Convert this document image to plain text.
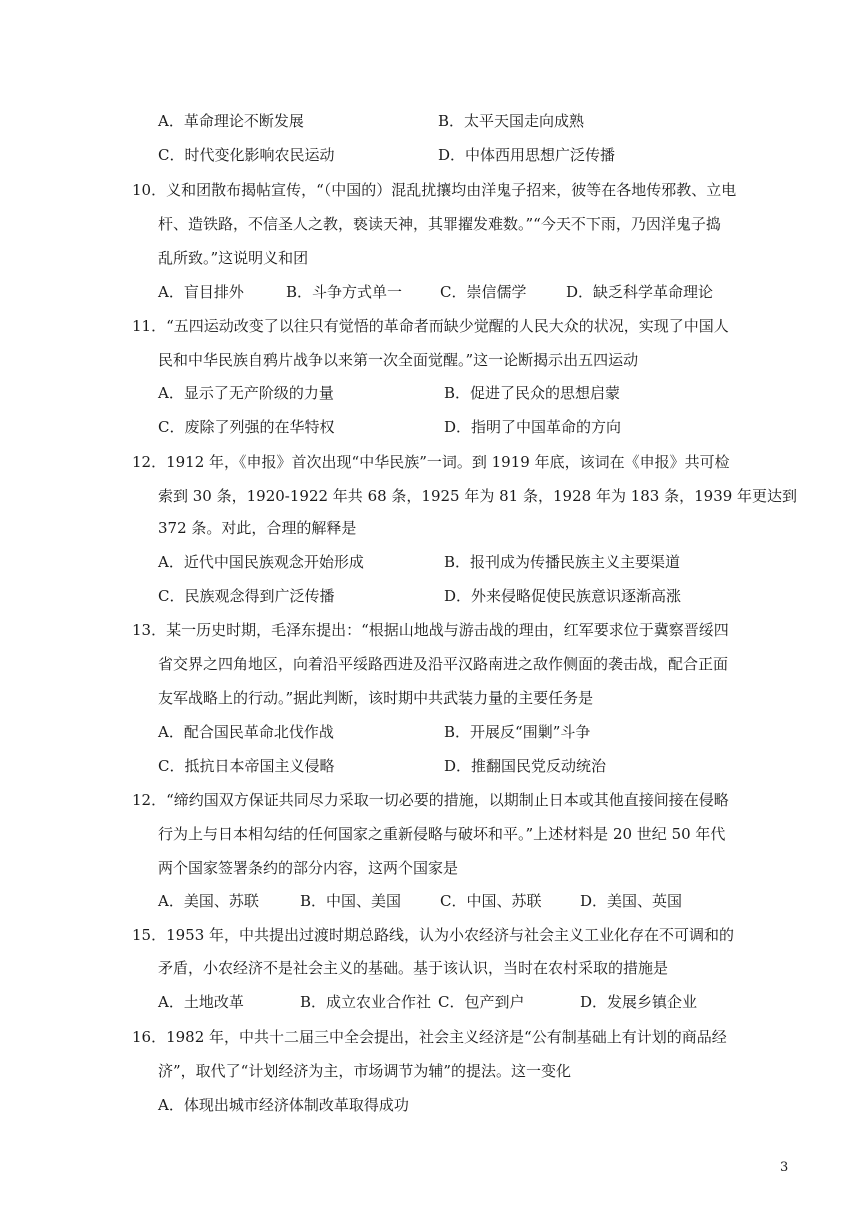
A．革命理论不断发展	B．太平天国走向成熟
C．时代变化影响农民运动	D．中体西用思想广泛传播
10．义和团散布揭帖宣传，“（中国的）混乱扰攘均由洋鬼子招来，彼等在各地传邪教、立电
杆、造铁路，不信圣人之教，亵读天神，其罪擢发难数。”“今天不下雨，乃因洋鬼子捣
乱所致。”这说明义和团
A．盲目排外	B．斗争方式单一	C．崇信儒学	D．缺乏科学革命理论
11．“五四运动改变了以往只有觉悟的革命者而缺少觉醒的人民大众的状况，实现了中国人
民和中华民族自鸦片战争以来第一次全面觉醒。”这一论断揭示出五四运动
A．显示了无产阶级的力量	B．促进了民众的思想启蒙
C．废除了列强的在华特权	D．指明了中国革命的方向
12．1912 年，《申报》首次出现“中华民族”一词。到 1919 年底，该词在《申报》共可检
索到 30 条，1920-1922 年共 68 条，1925 年为 81 条，1928 年为 183 条，1939 年更达到
372 条。对此，合理的解释是
A．近代中国民族观念开始形成	B．报刊成为传播民族主义主要渠道
C．民族观念得到广泛传播	D．外来侵略促使民族意识逐渐高涨
13．某一历史时期，毛泽东提出：“根据山地战与游击战的理由，红军要求位于冀察晋绥四
省交界之四角地区，向着沿平绥路西进及沿平汉路南进之敌作侧面的袭击战，配合正面
友军战略上的行动。”据此判断，该时期中共武装力量的主要任务是
A．配合国民革命北伐作战	B．开展反“围剿”斗争
C．抵抗日本帝国主义侵略	D．推翻国民党反动统治
12．“缔约国双方保证共同尽力采取一切必要的措施，以期制止日本或其他直接间接在侵略
行为上与日本相勾结的任何国家之重新侵略与破坏和平。”上述材料是 20 世纪 50 年代
两个国家签署条约的部分内容，这两个国家是
A．美国、苏联	B．中国、美国	C．中国、苏联	D．美国、英国
15．1953 年，中共提出过渡时期总路线，认为小农经济与社会主义工业化存在不可调和的
矛盾，小农经济不是社会主义的基础。基于该认识，当时在农村采取的措施是
A．土地改革	B．成立农业合作社 C．包产到户	D．发展乡镇企业
16．1982 年，中共十二届三中全会提出，社会主义经济是“公有制基础上有计划的商品经
济”，取代了“计划经济为主，市场调节为辅”的提法。这一变化
A．体现出城市经济体制改革取得成功
3
